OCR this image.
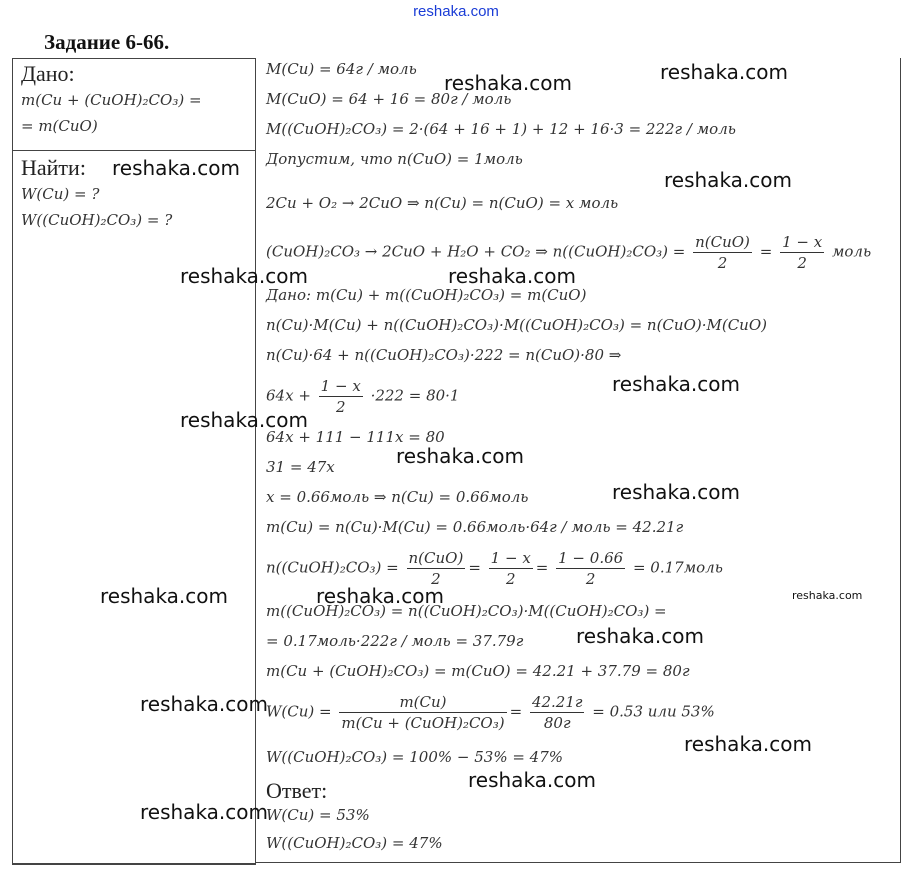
reshaka.com
Задание 6-66.
Дано:
m(Cu + (CuOH)₂CO₃) =
= m(CuO)
Найти:
W(Cu) = ?
W((CuOH)₂CO₃) = ?
M(Cu) = 64г / моль
M(CuO) = 64 + 16 = 80г / моль
M((CuOH)₂CO₃) = 2·(64 + 16 + 1) + 12 + 16·3 = 222г / моль
Допустим, что n(CuO) = 1моль
2Cu + O₂ → 2CuO ⇒ n(Cu) = n(CuO) = x моль
(CuOH)₂CO₃ → 2CuO + H₂O + CO₂ ⇒ n((CuOH)₂CO₃) = $\frac{\text{n(CuO)}}{2} = \frac{1 - x}{2}$ моль
Дано: m(Cu) + m((CuOH)₂CO₃) = m(CuO)
n(Cu)·M(Cu) + n((CuOH)₂CO₃)·M((CuOH)₂CO₃) = n(CuO)·M(CuO)
n(Cu)·64 + n((CuOH)₂CO₃)·222 = n(CuO)·80 ⇒
$64x + \frac{1 - x}{2} \cdot 222 = 80\cdot 1$
64x + 111 − 111x = 80
31 = 47x
x = 0.66моль ⇒ n(Cu) = 0.66моль
m(Cu) = n(Cu)·M(Cu) = 0.66моль·64г / моль = 42.21г
n((CuOH)₂CO₃) = $\frac{\text{n(CuO)}}{2} = \frac{1 - x}{2} = \frac{1 - 0.66}{2}$ = 0.17моль
m((CuOH)₂CO₃) = n((CuOH)₂CO₃)·M((CuOH)₂CO₃) =
= 0.17моль·222г / моль = 37.79г
m(Cu + (CuOH)₂CO₃) = m(CuO) = 42.21 + 37.79 = 80г
$W(Cu) = \frac{m(Cu)}{\text{m(Cu + (CuOH)₂CO₃)}} = \frac{42.21г}{80г} = 0.53$ или 53%
W((CuOH)₂CO₃) = 100% − 53% = 47%
Ответ:
W(Cu) = 53%
W((CuOH)₂CO₃) = 47%
reshaka.com	reshaka.com
reshaka.com	reshaka.com
reshaka.com	reshaka.com
reshaka.com
reshaka.com
reshaka.com
reshaka.com
reshaka.com	reshaka.com	reshaka.com
reshaka.com
reshaka.com
reshaka.com
reshaka.com
reshaka.com
